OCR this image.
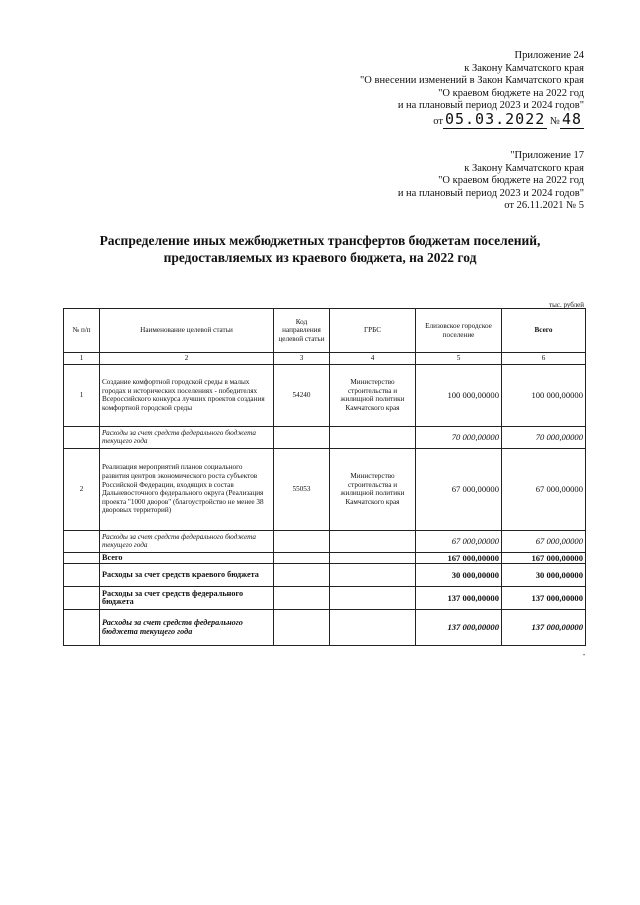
Приложение 24
к Закону Камчатского края
"О внесении изменений в Закон Камчатского края
"О краевом бюджете на 2022 год
и на плановый период 2023 и 2024 годов"
от 05.03.2022 № 48
"Приложение 17
к Закону Камчатского края
"О краевом бюджете на 2022 год
и на плановый период 2023 и 2024 годов"
от 26.11.2021 № 5
Распределение иных межбюджетных трансфертов бюджетам поселений,
предоставляемых из краевого бюджета, на 2022 год
тыс. рублей
№ п/п	Наименование целевой статьи	Код направления целевой статьи	ГРБС	Елизовское городское поселение	Всего
1	2	3	4	5	6
1	Создание комфортной городской среды в малых городах и исторических поселениях - победителях Всероссийского конкурса лучших проектов создания комфортной городской среды	54240	Министерство строительства и жилищной политики Камчатского края	100 000,00000	100 000,00000
	Расходы за счет средств федерального бюджета текущего года			70 000,00000	70 000,00000
2	Реализация мероприятий планов социального развития центров экономического роста субъектов Российской Федерации, входящих в состав Дальневосточного федерального округа (Реализация проекта "1000 дворов" (благоустройство не менее 38 дворовых территорий)	55053	Министерство строительства и жилищной политики Камчатского края	67 000,00000	67 000,00000
	Расходы за счет средств федерального бюджета текущего года			67 000,00000	67 000,00000
	Всего			167 000,00000	167 000,00000
	Расходы за счет средств краевого бюджета			30 000,00000	30 000,00000
	Расходы за счет средств федерального бюджета			137 000,00000	137 000,00000
	Расходы за счет средств федерального бюджета текущего года			137 000,00000	137 000,00000
"
